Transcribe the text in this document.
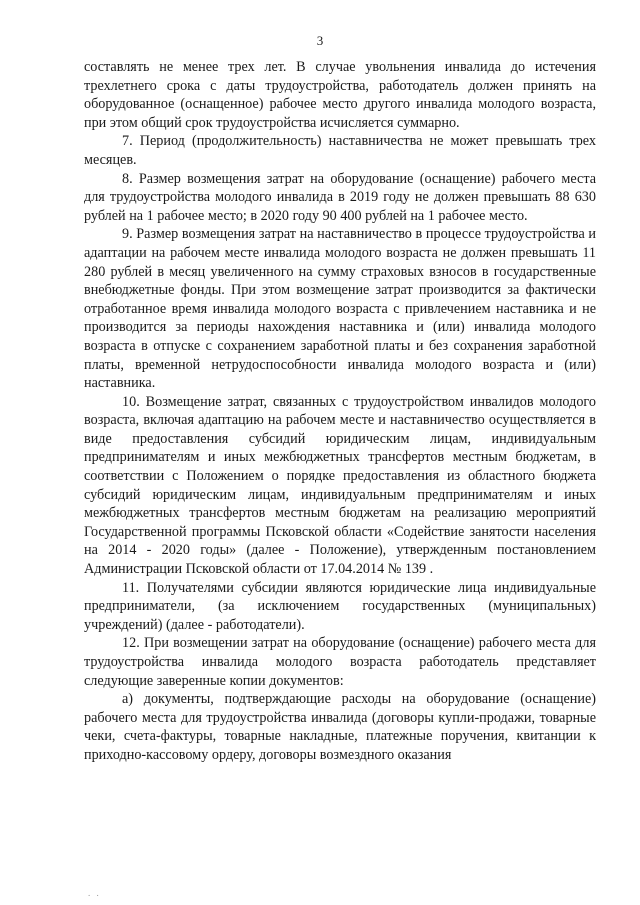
3

составлять не менее трех лет. В случае увольнения инвалида до истечения трехлетнего срока с даты трудоустройства, работодатель должен принять на оборудованное (оснащенное) рабочее место другого инвалида молодого возраста, при этом общий срок трудоустройства исчисляется суммарно.

7. Период (продолжительность) наставничества не может превышать трех месяцев.

8. Размер возмещения затрат на оборудование (оснащение) рабочего места для трудоустройства молодого инвалида в 2019 году не должен превышать 88 630 рублей на 1 рабочее место; в 2020 году 90 400 рублей на 1 рабочее место.

9. Размер возмещения затрат на наставничество в процессе трудоустройства и адаптации на рабочем месте инвалида молодого возраста не должен превышать 11 280 рублей в месяц увеличенного на сумму страховых взносов в государственные внебюджетные фонды. При этом возмещение затрат производится за фактически отработанное время инвалида молодого возраста с привлечением наставника и не производится за периоды нахождения наставника и (или) инвалида молодого возраста в отпуске с сохранением заработной платы и без сохранения заработной платы, временной нетрудоспособности инвалида молодого возраста и (или) наставника.

10. Возмещение затрат, связанных с трудоустройством инвалидов молодого возраста, включая адаптацию на рабочем месте и наставничество осуществляется в виде предоставления субсидий юридическим лицам, индивидуальным предпринимателям и иных межбюджетных трансфертов местным бюджетам, в соответствии с Положением о порядке предоставления из областного бюджета субсидий юридическим лицам, индивидуальным предпринимателям и иных межбюджетных трансфертов местным бюджетам на реализацию мероприятий Государственной программы Псковской области «Содействие занятости населения на 2014 - 2020 годы» (далее - Положение), утвержденным постановлением Администрации Псковской области от 17.04.2014 № 139 .

11. Получателями субсидии являются юридические лица индивидуальные предприниматели, (за исключением государственных (муниципальных) учреждений) (далее - работодатели).

12. При возмещении затрат на оборудование (оснащение) рабочего места для трудоустройства инвалида молодого возраста работодатель представляет следующие заверенные копии документов:

а) документы, подтверждающие расходы на оборудование (оснащение) рабочего места для трудоустройства инвалида (договоры купли-продажи, товарные чеки, счета-фактуры, товарные накладные, платежные поручения, квитанции к приходно-кассовому ордеру, договоры возмездного оказания

. .
